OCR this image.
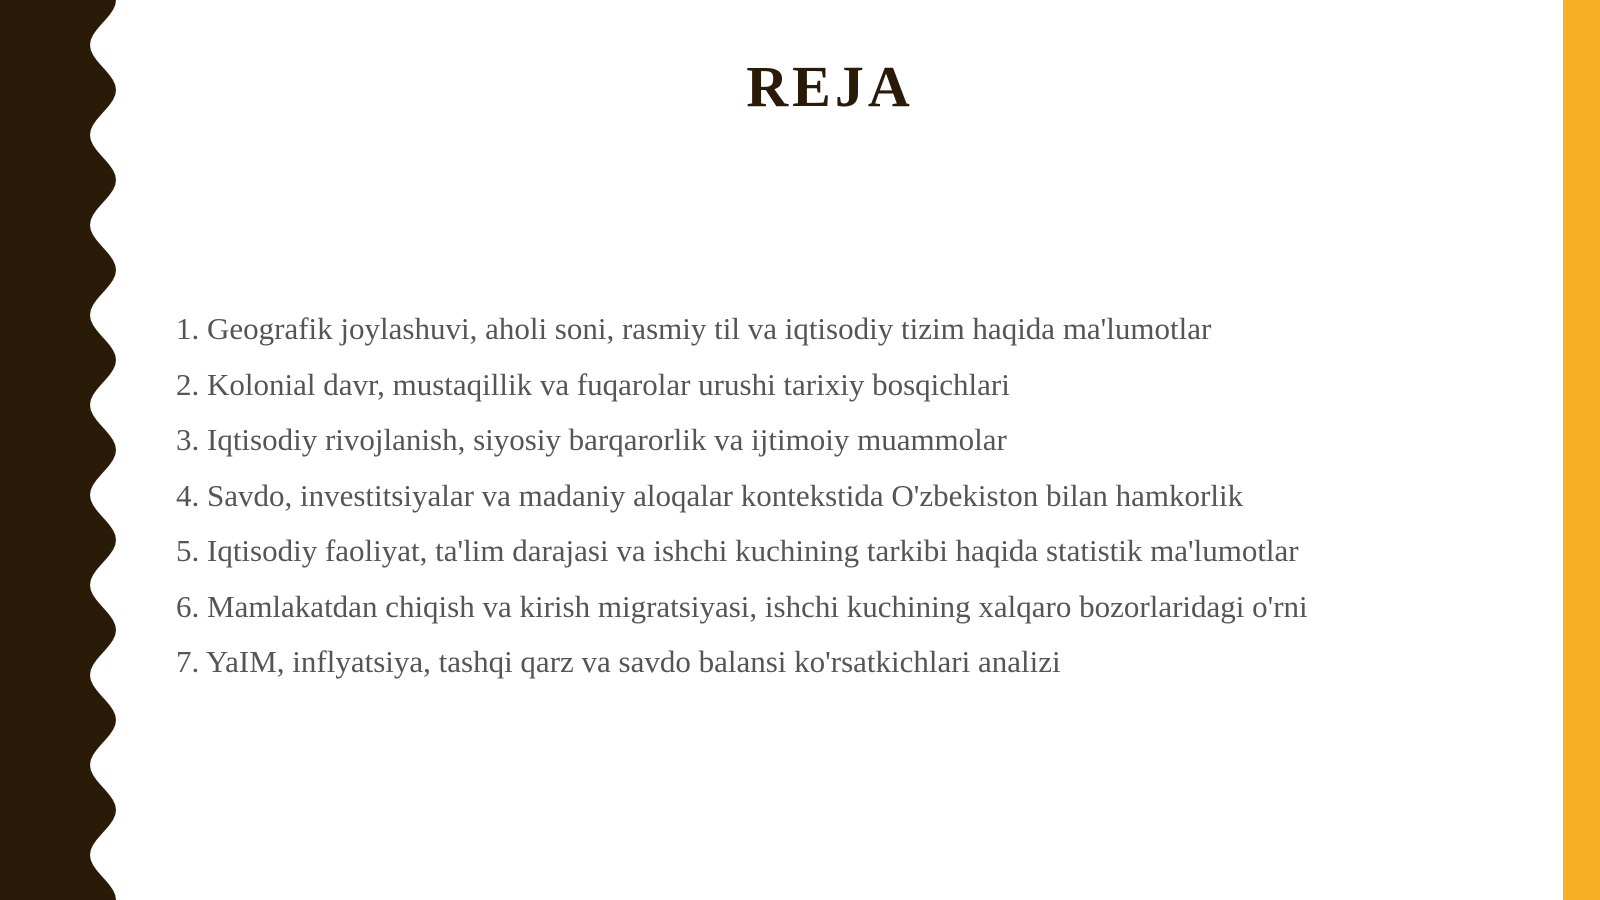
REJA
1. Geografik joylashuvi, aholi soni, rasmiy til va iqtisodiy tizim haqida ma'lumotlar
2. Kolonial davr, mustaqillik va fuqarolar urushi tarixiy bosqichlari
3. Iqtisodiy rivojlanish, siyosiy barqarorlik va ijtimoiy muammolar
4. Savdo, investitsiyalar va madaniy aloqalar kontekstida O'zbekiston bilan hamkorlik
5. Iqtisodiy faoliyat, ta'lim darajasi va ishchi kuchining tarkibi haqida statistik ma'lumotlar
6. Mamlakatdan chiqish va kirish migratsiyasi, ishchi kuchining xalqaro bozorlaridagi o'rni
7. YaIM, inflyatsiya, tashqi qarz va savdo balansi ko'rsatkichlari analizi
